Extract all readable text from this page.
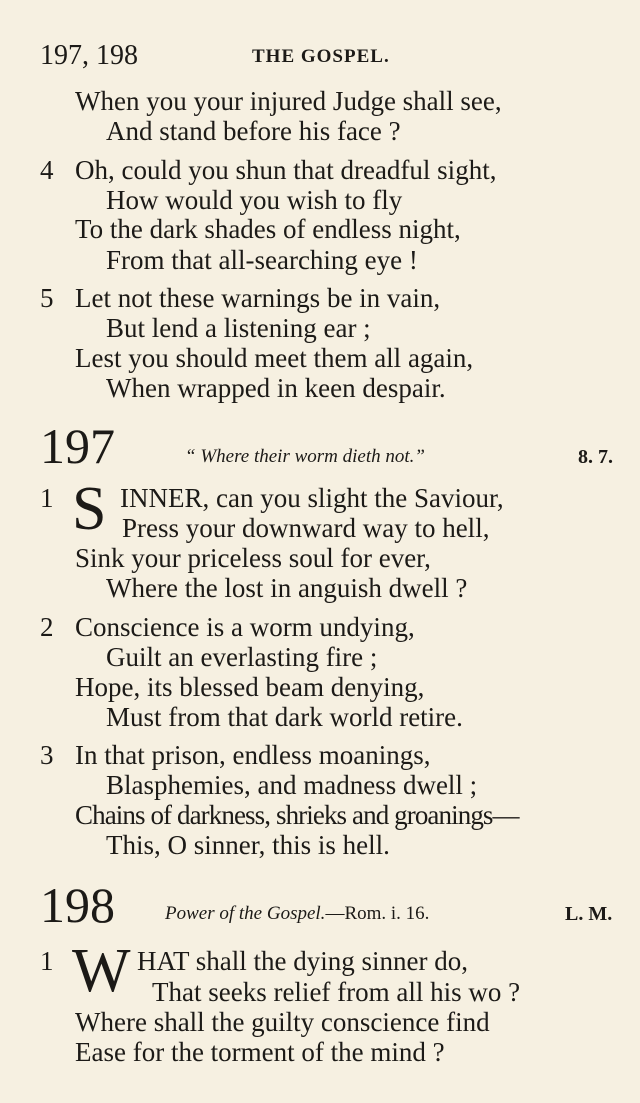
197, 198	THE GOSPEL.
When you your injured Judge shall see,
And stand before his face ?
4 Oh, could you shun that dreadful sight,
How would you wish to fly
To the dark shades of endless night,
From that all-searching eye !
5 Let not these warnings be in vain,
But lend a listening ear ;
Lest you should meet them all again,
When wrapped in keen despair.
197	“ Where their worm dieth not.”	8. 7.
1 S INNER, can you slight the Saviour,
Press your downward way to hell,
Sink your priceless soul for ever,
Where the lost in anguish dwell ?
2 Conscience is a worm undying,
Guilt an everlasting fire ;
Hope, its blessed beam denying,
Must from that dark world retire.
3 In that prison, endless moanings,
Blasphemies, and madness dwell ;
Chains of darkness, shrieks and groanings—
This, O sinner, this is hell.
198	Power of the Gospel.—Rom. i. 16.	L. M.
1 W HAT shall the dying sinner do,
That seeks relief from all his wo ?
Where shall the guilty conscience find
Ease for the torment of the mind ?
